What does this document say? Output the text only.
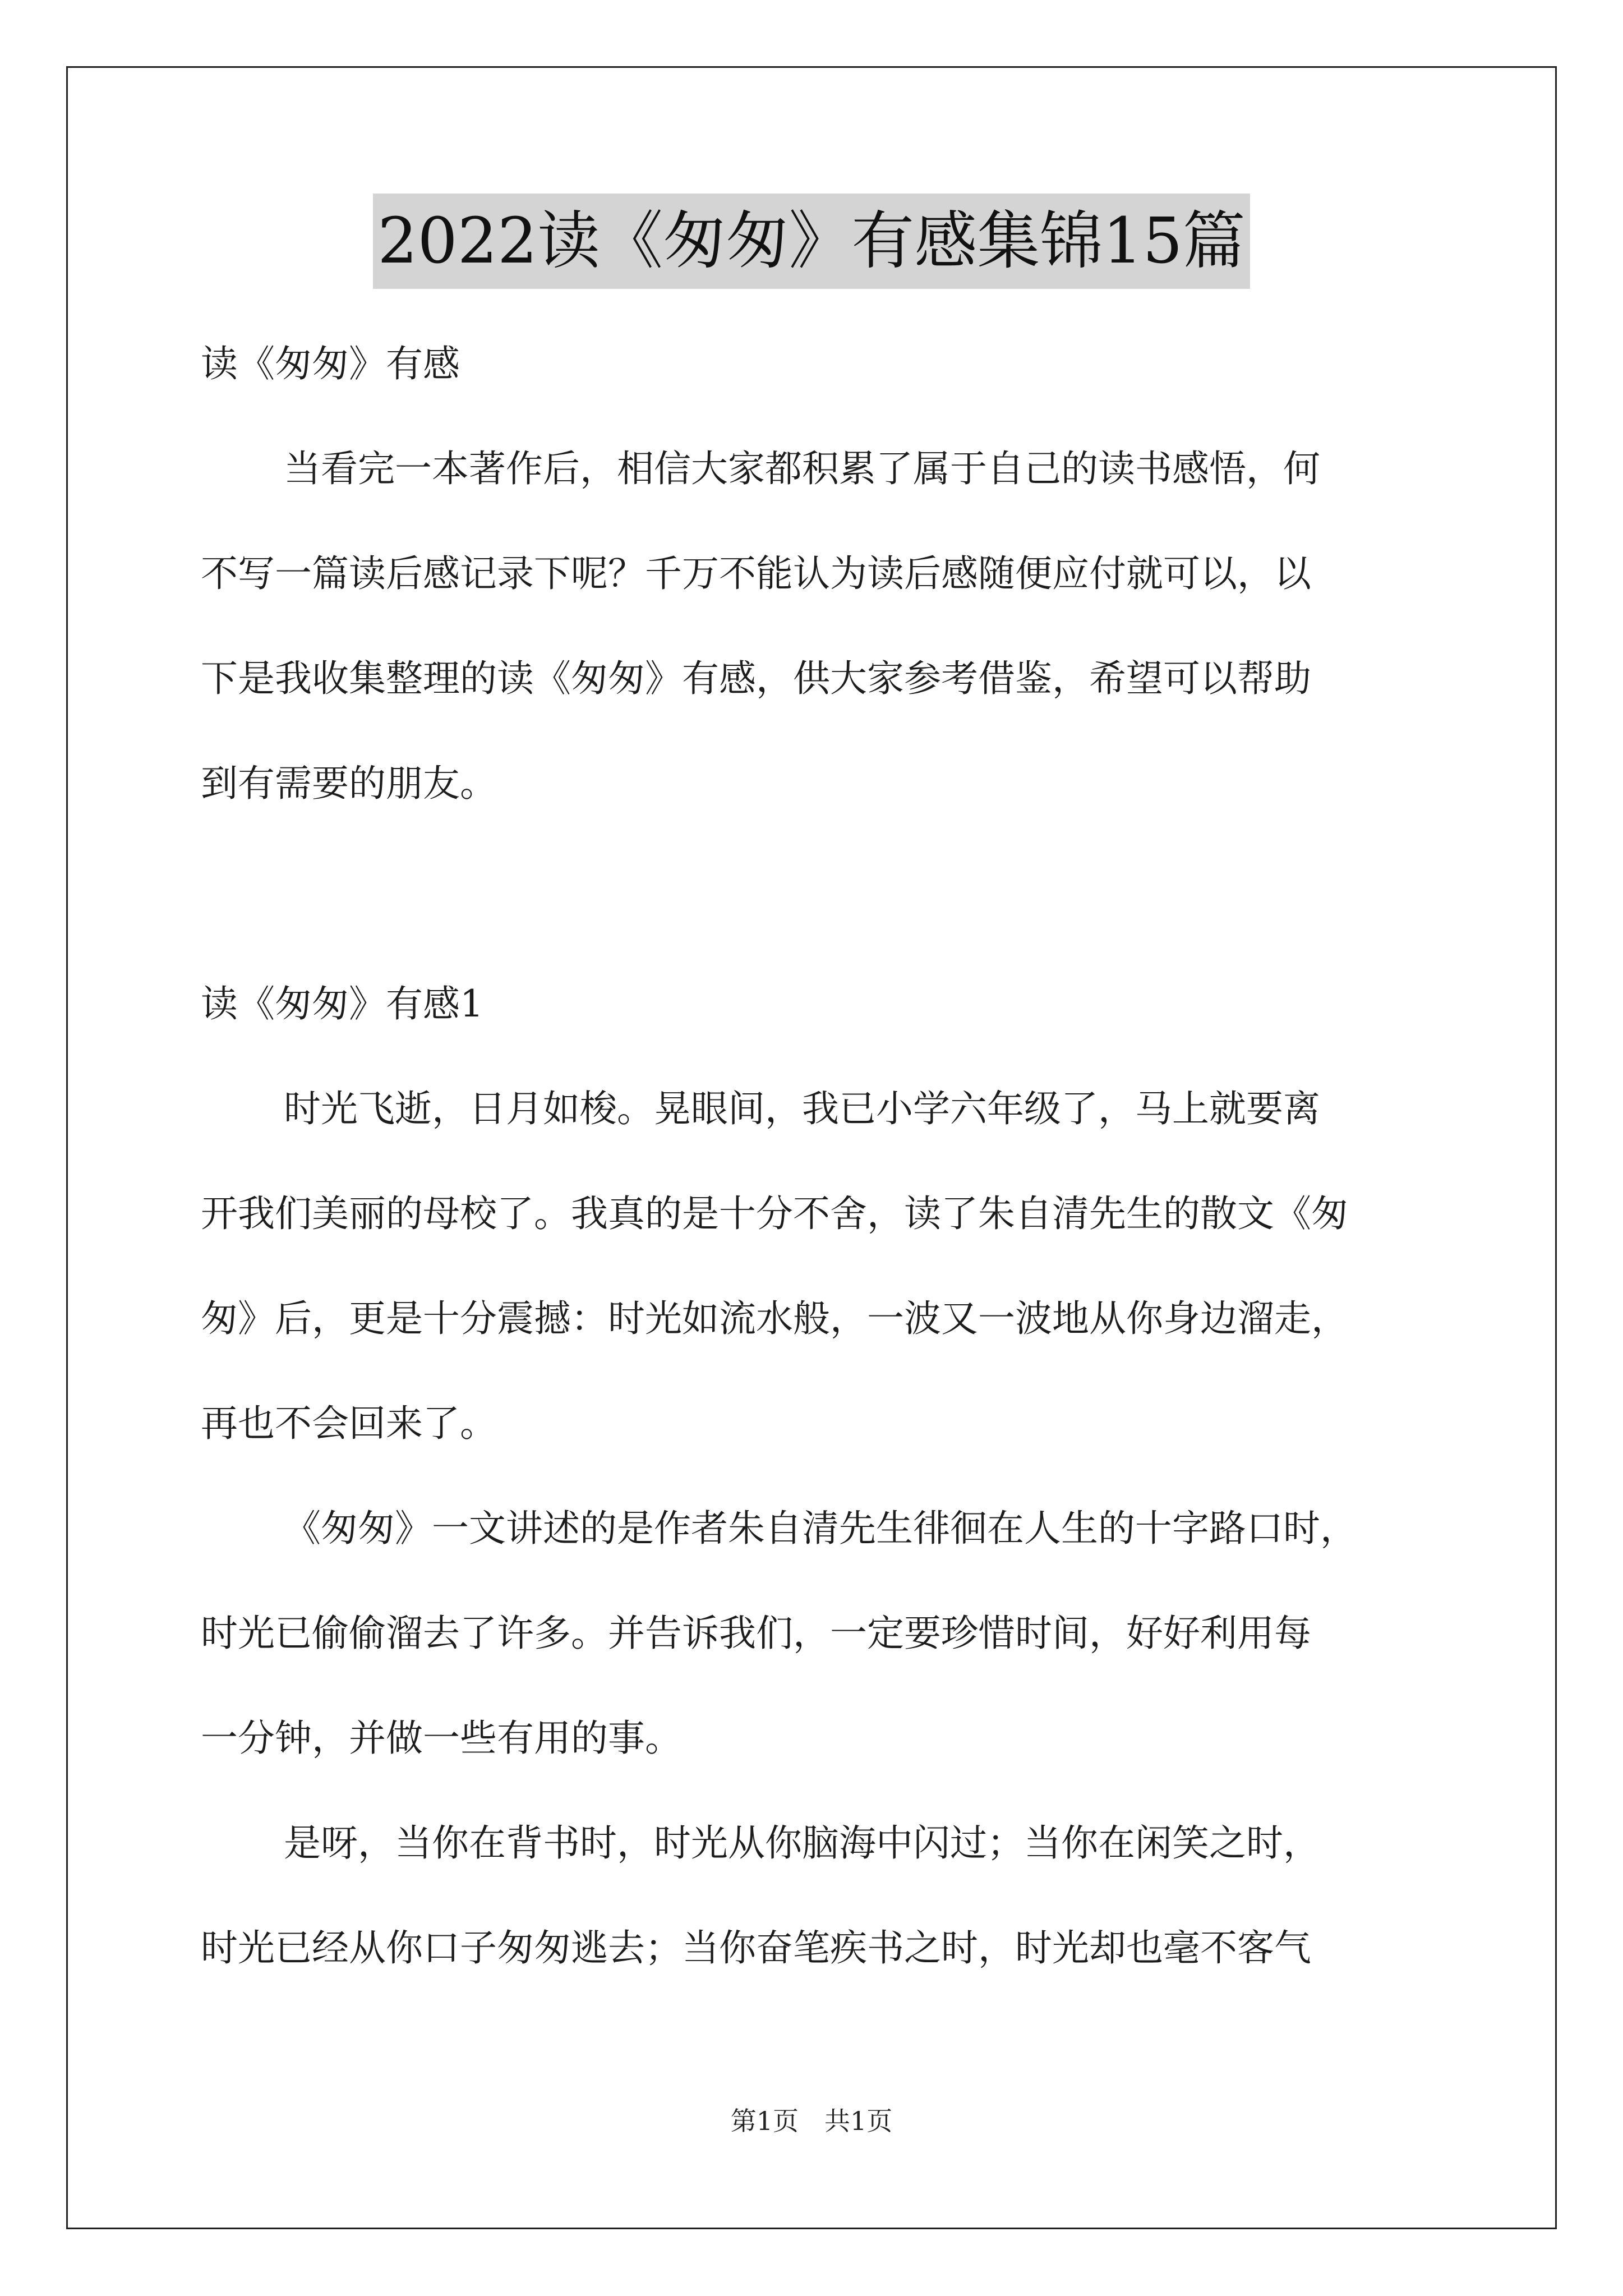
2022读《匆匆》有感集锦15篇
读《匆匆》有感
当看完一本著作后，相信大家都积累了属于自己的读书感悟，何
不写一篇读后感记录下呢？千万不能认为读后感随便应付就可以，以
下是我收集整理的读《匆匆》有感，供大家参考借鉴，希望可以帮助
到有需要的朋友。
读《匆匆》有感1
时光飞逝，日月如梭。晃眼间，我已小学六年级了，马上就要离
开我们美丽的母校了。我真的是十分不舍，读了朱自清先生的散文《匆
匆》后，更是十分震撼：时光如流水般，一波又一波地从你身边溜走，
再也不会回来了。
《匆匆》一文讲述的是作者朱自清先生徘徊在人生的十字路口时，
时光已偷偷溜去了许多。并告诉我们，一定要珍惜时间，好好利用每
一分钟，并做一些有用的事。
是呀，当你在背书时，时光从你脑海中闪过；当你在闲笑之时，
时光已经从你口子匆匆逃去；当你奋笔疾书之时，时光却也毫不客气
第1页　共1页
